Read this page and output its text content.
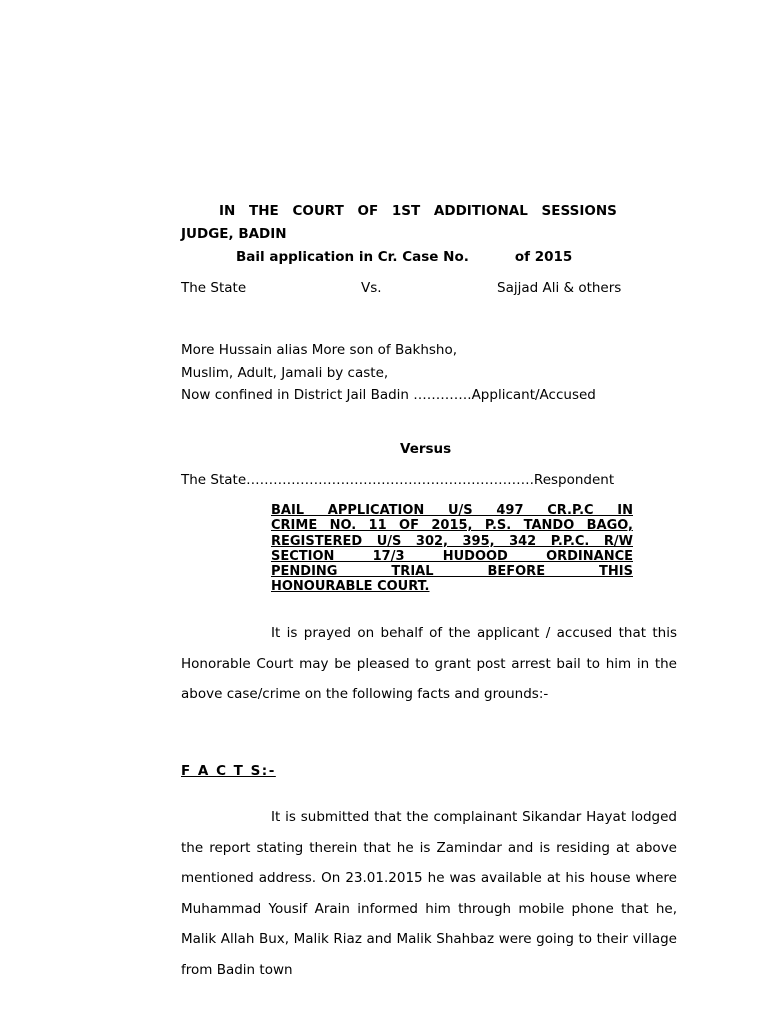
IN THE COURT OF 1ST ADDITIONAL SESSIONS
JUDGE, BADIN
Bail application in Cr. Case No.	of 2015
The State	Vs.	Sajjad Ali & others
More Hussain alias More son of Bakhsho,
Muslim, Adult, Jamali by caste,
Now confined in District Jail Badin ………….Applicant/Accused
Versus
The State……………………………………………………….Respondent
BAIL APPLICATION U/S 497 CR.P.C IN
CRIME NO. 11 OF 2015, P.S. TANDO BAGO,
REGISTERED U/S 302, 395, 342 P.P.C. R/W
SECTION 17/3 HUDOOD ORDINANCE
PENDING TRIAL BEFORE THIS
HONOURABLE COURT.
It is prayed on behalf of the applicant / accused that this Honorable Court may be pleased to grant post arrest bail to him in the above case/crime on the following facts and grounds:-
F A C T S:-
It is submitted that the complainant Sikandar Hayat lodged the report stating therein that he is Zamindar and is residing at above mentioned address. On 23.01.2015 he was available at his house where Muhammad Yousif Arain informed him through mobile phone that he, Malik Allah Bux, Malik Riaz and Malik Shahbaz were going to their village from Badin town
